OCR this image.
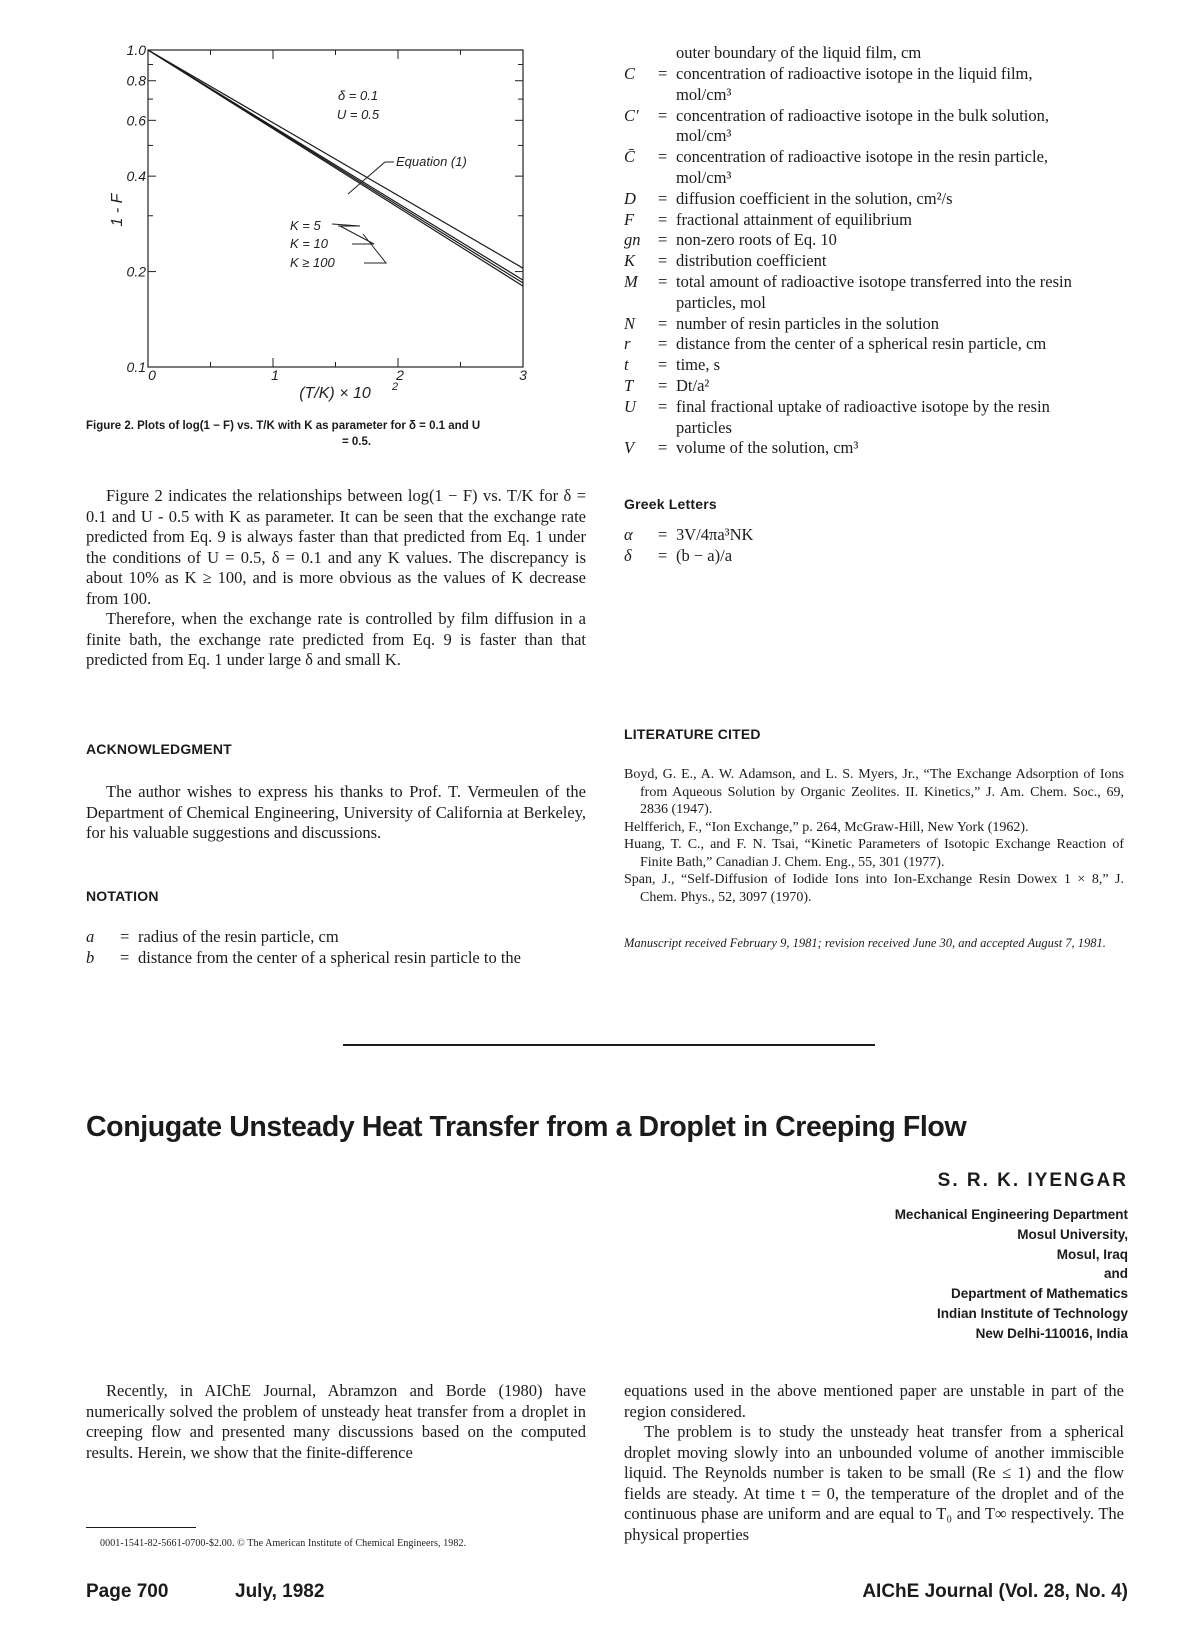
0	1	2	3
0.1
0.2
0.4
0.6
0.8
1.0
δ = 0.1
U = 0.5
Equation (1)
K = 5
K = 10
K ≥ 100
1 - F
(T/K) × 10 2
Figure 2. Plots of log(1 − F) vs. T/K with K as parameter for δ = 0.1 and U
= 0.5.

Figure 2 indicates the relationships between log(1 − F) vs. T/K for δ = 0.1 and U - 0.5 with K as parameter. It can be seen that the exchange rate predicted from Eq. 9 is always faster than that predicted from Eq. 1 under the conditions of U = 0.5, δ = 0.1 and any K values. The discrepancy is about 10% as K ≥ 100, and is more obvious as the values of K decrease from 100.

Therefore, when the exchange rate is controlled by film diffusion in a finite bath, the exchange rate predicted from Eq. 9 is faster than that predicted from Eq. 1 under large δ and small K.

ACKNOWLEDGMENT

The author wishes to express his thanks to Prof. T. Vermeulen of the Department of Chemical Engineering, University of California at Berkeley, for his valuable suggestions and discussions.

NOTATION
a	= radius of the resin particle, cm
b	= distance from the center of a spherical resin particle to the
outer boundary of the liquid film, cm
C	= concentration of radioactive isotope in the liquid film,
mol/cm³
C′	= concentration of radioactive isotope in the bulk solution,
mol/cm³
C̄	= concentration of radioactive isotope in the resin particle,
mol/cm³
D	= diffusion coefficient in the solution, cm²/s
F	= fractional attainment of equilibrium
gn	= non-zero roots of Eq. 10
K	= distribution coefficient
M	= total amount of radioactive isotope transferred into the resin
particles, mol
N	= number of resin particles in the solution
r	= distance from the center of a spherical resin particle, cm
t	= time, s
T	= Dt/a²
U	= final fractional uptake of radioactive isotope by the resin
particles
V	= volume of the solution, cm³
Greek Letters
α	= 3V/4πa³NK
δ	= (b − a)/a
LITERATURE CITED

Boyd, G. E., A. W. Adamson, and L. S. Myers, Jr., “The Exchange Adsorption of Ions from Aqueous Solution by Organic Zeolites. II. Kinetics,” J. Am. Chem. Soc., 69, 2836 (1947).

Helfferich, F., “Ion Exchange,” p. 264, McGraw-Hill, New York (1962).

Huang, T. C., and F. N. Tsai, “Kinetic Parameters of Isotopic Exchange Reaction of Finite Bath,” Canadian J. Chem. Eng., 55, 301 (1977).

Span, J., “Self-Diffusion of Iodide Ions into Ion-Exchange Resin Dowex 1 × 8,” J. Chem. Phys., 52, 3097 (1970).

Manuscript received February 9, 1981; revision received June 30, and accepted August 7, 1981.
Conjugate Unsteady Heat Transfer from a Droplet in Creeping Flow
S. R. K. IYENGAR
Mechanical Engineering Department
Mosul University,
Mosul, Iraq
and
Department of Mathematics
Indian Institute of Technology
New Delhi-110016, India

Recently, in AIChE Journal, Abramzon and Borde (1980) have numerically solved the problem of unsteady heat transfer from a droplet in creeping flow and presented many discussions based on the computed results. Herein, we show that the finite-difference

equations used in the above mentioned paper are unstable in part of the region considered.

The problem is to study the unsteady heat transfer from a spherical droplet moving slowly into an unbounded volume of another immiscible liquid. The Reynolds number is taken to be small (Re ≤ 1) and the flow fields are steady. At time t = 0, the temperature of the droplet and of the continuous phase are uniform and are equal to T₀ and T∞ respectively. The physical properties

0001-1541-82-5661-0700-$2.00. © The American Institute of Chemical Engineers, 1982.
Page 700	July, 1982	AIChE Journal (Vol. 28, No. 4)
